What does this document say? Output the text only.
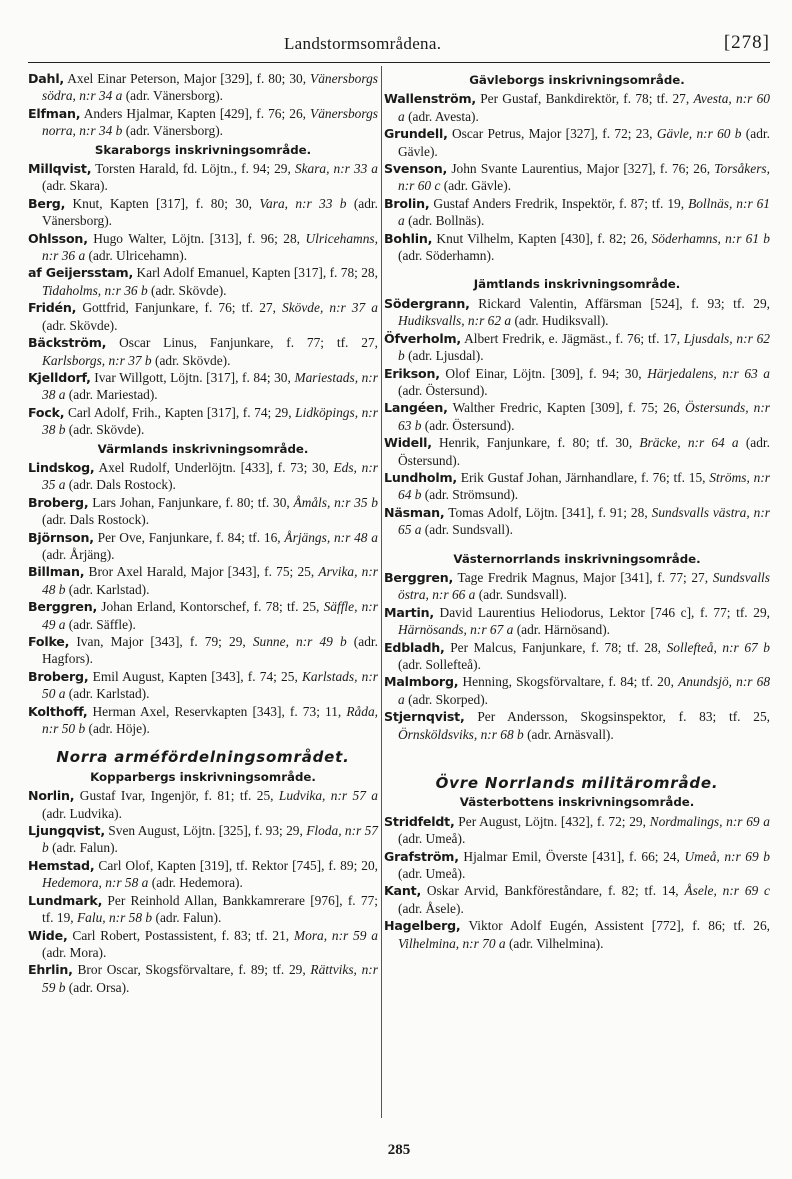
Landstormsområdena.	[278]

Dahl, Axel Einar Peterson, Major [329], f. 80; 30, Vänersborgs södra, n:r 34 a (adr. Vänersborg).

Elfman, Anders Hjalmar, Kapten [429], f. 76; 26, Vänersborgs norra, n:r 34 b (adr. Vänersborg).

Skaraborgs inskrivningsområde.

Millqvist, Torsten Harald, fd. Löjtn., f. 94; 29, Skara, n:r 33 a (adr. Skara).

Berg, Knut, Kapten [317], f. 80; 30, Vara, n:r 33 b (adr. Vänersborg).

Ohlsson, Hugo Walter, Löjtn. [313], f. 96; 28, Ulricehamns, n:r 36 a (adr. Ulricehamn).

af Geijersstam, Karl Adolf Emanuel, Kapten [317], f. 78; 28, Tidaholms, n:r 36 b (adr. Skövde).

Fridén, Gottfrid, Fanjunkare, f. 76; tf. 27, Skövde, n:r 37 a (adr. Skövde).

Bäckström, Oscar Linus, Fanjunkare, f. 77; tf. 27, Karlsborgs, n:r 37 b (adr. Skövde).

Kjelldorf, Ivar Willgott, Löjtn. [317], f. 84; 30, Mariestads, n:r 38 a (adr. Mariestad).

Fock, Carl Adolf, Frih., Kapten [317], f. 74; 29, Lidköpings, n:r 38 b (adr. Skövde).

Värmlands inskrivningsområde.

Lindskog, Axel Rudolf, Underlöjtn. [433], f. 73; 30, Eds, n:r 35 a (adr. Dals Rostock).

Broberg, Lars Johan, Fanjunkare, f. 80; tf. 30, Åmåls, n:r 35 b (adr. Dals Rostock).

Björnson, Per Ove, Fanjunkare, f. 84; tf. 16, Årjängs, n:r 48 a (adr. Årjäng).

Billman, Bror Axel Harald, Major [343], f. 75; 25, Arvika, n:r 48 b (adr. Karlstad).

Berggren, Johan Erland, Kontorschef, f. 78; tf. 25, Säffle, n:r 49 a (adr. Säffle).

Folke, Ivan, Major [343], f. 79; 29, Sunne, n:r 49 b (adr. Hagfors).

Broberg, Emil August, Kapten [343], f. 74; 25, Karlstads, n:r 50 a (adr. Karlstad).

Kolthoff, Herman Axel, Reservkapten [343], f. 73; 11, Råda, n:r 50 b (adr. Höje).

Norra arméfördelningsområdet.
Kopparbergs inskrivningsområde.

Norlin, Gustaf Ivar, Ingenjör, f. 81; tf. 25, Ludvika, n:r 57 a (adr. Ludvika).

Ljungqvist, Sven August, Löjtn. [325], f. 93; 29, Floda, n:r 57 b (adr. Falun).

Hemstad, Carl Olof, Kapten [319], tf. Rektor [745], f. 89; 20, Hedemora, n:r 58 a (adr. Hedemora).

Lundmark, Per Reinhold Allan, Bankkamrerare [976], f. 77; tf. 19, Falu, n:r 58 b (adr. Falun).

Wide, Carl Robert, Postassistent, f. 83; tf. 21, Mora, n:r 59 a (adr. Mora).

Ehrlin, Bror Oscar, Skogsförvaltare, f. 89; tf. 29, Rättviks, n:r 59 b (adr. Orsa).

Gävleborgs inskrivningsområde.

Wallenström, Per Gustaf, Bankdirektör, f. 78; tf. 27, Avesta, n:r 60 a (adr. Avesta).

Grundell, Oscar Petrus, Major [327], f. 72; 23, Gävle, n:r 60 b (adr. Gävle).

Svenson, John Svante Laurentius, Major [327], f. 76; 26, Torsåkers, n:r 60 c (adr. Gävle).

Brolin, Gustaf Anders Fredrik, Inspektör, f. 87; tf. 19, Bollnäs, n:r 61 a (adr. Bollnäs).

Bohlin, Knut Vilhelm, Kapten [430], f. 82; 26, Söderhamns, n:r 61 b (adr. Söderhamn).

Jämtlands inskrivningsområde.

Södergrann, Rickard Valentin, Affärsman [524], f. 93; tf. 29, Hudiksvalls, n:r 62 a (adr. Hudiksvall).

Öfverholm, Albert Fredrik, e. Jägmäst., f. 76; tf. 17, Ljusdals, n:r 62 b (adr. Ljusdal).

Erikson, Olof Einar, Löjtn. [309], f. 94; 30, Härjedalens, n:r 63 a (adr. Östersund).

Langéen, Walther Fredric, Kapten [309], f. 75; 26, Östersunds, n:r 63 b (adr. Östersund).

Widell, Henrik, Fanjunkare, f. 80; tf. 30, Bräcke, n:r 64 a (adr. Östersund).

Lundholm, Erik Gustaf Johan, Järnhandlare, f. 76; tf. 15, Ströms, n:r 64 b (adr. Strömsund).

Näsman, Tomas Adolf, Löjtn. [341], f. 91; 28, Sundsvalls västra, n:r 65 a (adr. Sundsvall).

Västernorrlands inskrivningsområde.

Berggren, Tage Fredrik Magnus, Major [341], f. 77; 27, Sundsvalls östra, n:r 66 a (adr. Sundsvall).

Martin, David Laurentius Heliodorus, Lektor [746 c], f. 77; tf. 29, Härnösands, n:r 67 a (adr. Härnösand).

Edbladh, Per Malcus, Fanjunkare, f. 78; tf. 28, Sollefteå, n:r 67 b (adr. Sollefteå).

Malmborg, Henning, Skogsförvaltare, f. 84; tf. 20, Anundsjö, n:r 68 a (adr. Skorped).

Stjernqvist, Per Andersson, Skogsinspektor, f. 83; tf. 25, Örnsköldsviks, n:r 68 b (adr. Arnäsvall).

Övre Norrlands militärområde.
Västerbottens inskrivningsområde.

Stridfeldt, Per August, Löjtn. [432], f. 72; 29, Nordmalings, n:r 69 a (adr. Umeå).

Grafström, Hjalmar Emil, Överste [431], f. 66; 24, Umeå, n:r 69 b (adr. Umeå).

Kant, Oskar Arvid, Bankföreståndare, f. 82; tf. 14, Åsele, n:r 69 c (adr. Åsele).

Hagelberg, Viktor Adolf Eugén, Assistent [772], f. 86; tf. 26, Vilhelmina, n:r 70 a (adr. Vilhelmina).

285
